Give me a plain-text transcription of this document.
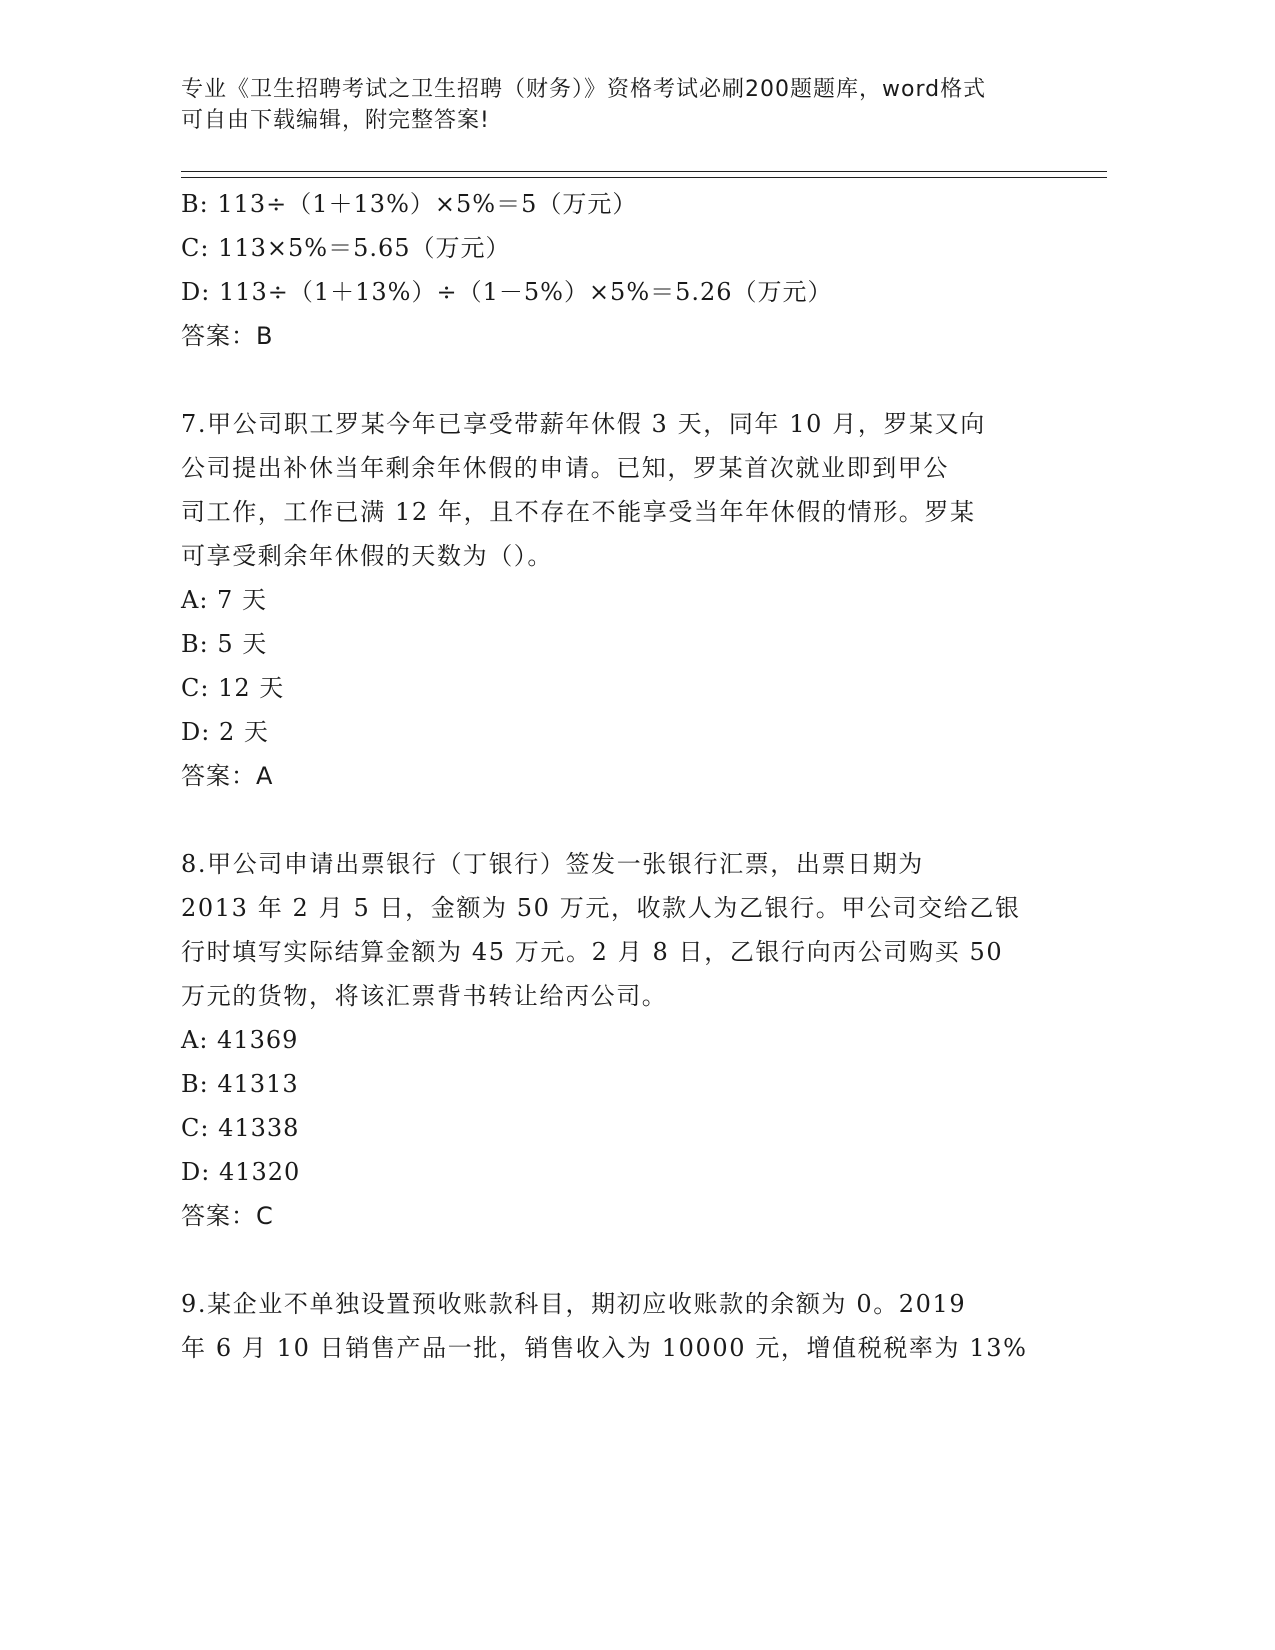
专业《卫生招聘考试之卫生招聘（财务）》资格考试必刷200题题库，word格式
可自由下载编辑，附完整答案!
B: 113÷（1＋13%）×5%＝5（万元）
C: 113×5%＝5.65（万元）
D: 113÷（1＋13%）÷（1－5%）×5%＝5.26（万元）
答案：B
7.甲公司职工罗某今年已享受带薪年休假 3 天，同年 10 月，罗某又向
公司提出补休当年剩余年休假的申请。已知，罗某首次就业即到甲公
司工作，工作已满 12 年，且不存在不能享受当年年休假的情形。罗某
可享受剩余年休假的天数为（）。
A: 7 天
B: 5 天
C: 12 天
D: 2 天
答案：A
8.甲公司申请出票银行（丁银行）签发一张银行汇票，出票日期为
2013 年 2 月 5 日，金额为 50 万元，收款人为乙银行。甲公司交给乙银
行时填写实际结算金额为 45 万元。2 月 8 日，乙银行向丙公司购买 50
万元的货物，将该汇票背书转让给丙公司。
A: 41369
B: 41313
C: 41338
D: 41320
答案：C
9.某企业不单独设置预收账款科目，期初应收账款的余额为 0。2019
年 6 月 10 日销售产品一批，销售收入为 10000 元，增值税税率为 13%
